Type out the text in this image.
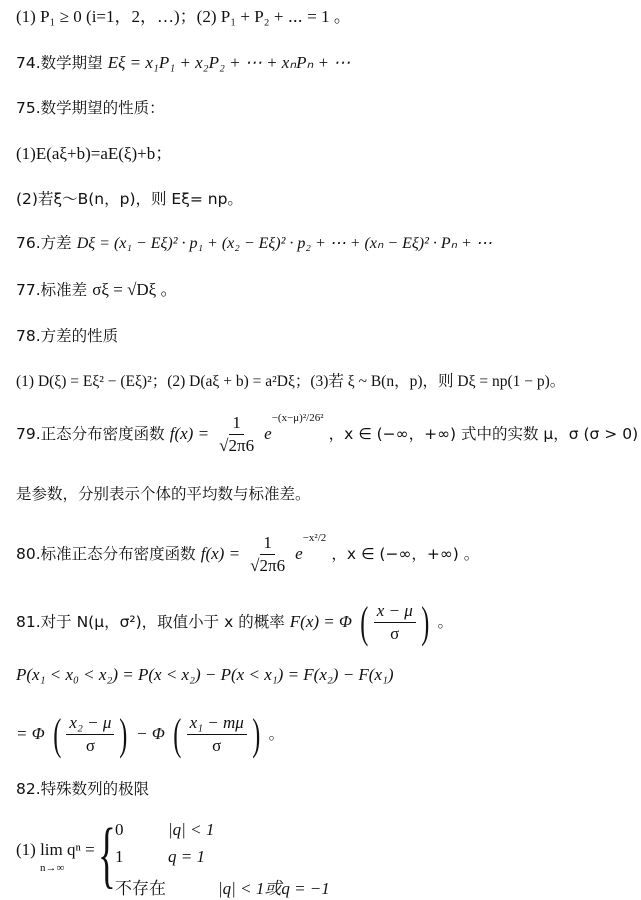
(1) P₁ ≥ 0 (i=1，2，…)；(2) P₁ + P₂ + ⋯ = 1 。
74.数学期望 Eξ = x₁P₁ + x₂P₂ + ⋯ + xₙPₙ + ⋯
75.数学期望的性质：
(1)E(aξ+b)=aE(ξ)+b；
(2)若ξ～B(n，p)，则 Eξ= np。
76.方差 Dξ = (x₁ − Eξ)² · p₁ + (x₂ − Eξ)² · p₂ + ⋯ + (xₙ − Eξ)² · Pₙ + ⋯
77.标准差 σξ = √Dξ 。
78.方差的性质
(1) D(ξ) = Eξ² − (Eξ)²；(2) D(aξ + b) = a²Dξ；(3)若 ξ ~ B(n，p)，则 Dξ = np(1 − p)。
79.正态分布密度函数 $f(x) = \frac{1}{√2\pi 6} e^{-(x-\mu)^2/26^2}$ ，x ∈ (−∞，+∞) 式中的实数 μ，σ (σ > 0)
是参数，分别表示个体的平均数与标准差。
80.标准正态分布密度函数 $f(x) = \frac{1}{√2\pi 6} e^{-x^2/2}$ ，x ∈ (−∞，+∞) 。
81.对于 N(μ，σ²)，取值小于 x 的概率 F(x) = Φ ( $\frac{x - \mu}{\sigma}$ ) 。
P(x₁ < x₀ < x₂) = P(x < x₂) − P(x < x₁) = F(x₂) − F(x₁)
= Φ ( $\frac{\text{x₂ − μ}}{\sigma}$ ) − Φ ( $\frac{\text{x₁ − mμ}}{\sigma}$ ) 。
82.特殊数列的极限
(1) lim qⁿ =
n→∞ { 0	|q| < 1
1	q = 1
不存在	|q| < 1或q = −1
